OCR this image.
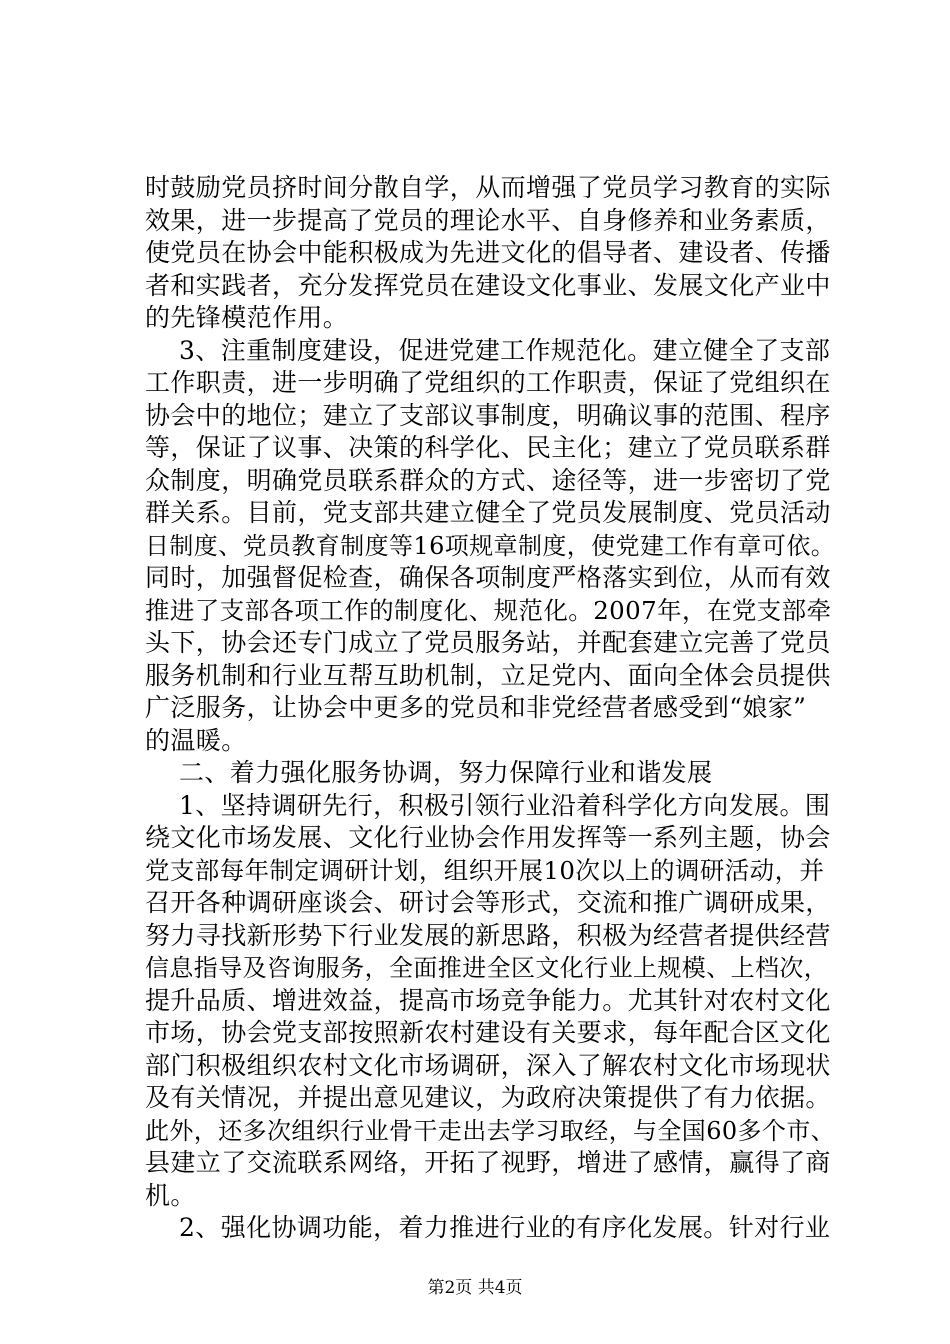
时鼓励党员挤时间分散自学，从而增强了党员学习教育的实际
效果，进一步提高了党员的理论水平、自身修养和业务素质，
使党员在协会中能积极成为先进文化的倡导者、建设者、传播
者和实践者，充分发挥党员在建设文化事业、发展文化产业中
的先锋模范作用。
3、注重制度建设，促进党建工作规范化。建立健全了支部
工作职责，进一步明确了党组织的工作职责，保证了党组织在
协会中的地位；建立了支部议事制度，明确议事的范围、程序
等，保证了议事、决策的科学化、民主化；建立了党员联系群
众制度，明确党员联系群众的方式、途径等，进一步密切了党
群关系。目前，党支部共建立健全了党员发展制度、党员活动
日制度、党员教育制度等16项规章制度，使党建工作有章可依。
同时，加强督促检查，确保各项制度严格落实到位，从而有效
推进了支部各项工作的制度化、规范化。2007年，在党支部牵
头下，协会还专门成立了党员服务站，并配套建立完善了党员
服务机制和行业互帮互助机制，立足党内、面向全体会员提供
广泛服务，让协会中更多的党员和非党经营者感受到“娘家”
的温暖。
二、着力强化服务协调，努力保障行业和谐发展
1、坚持调研先行，积极引领行业沿着科学化方向发展。围
绕文化市场发展、文化行业协会作用发挥等一系列主题，协会
党支部每年制定调研计划，组织开展10次以上的调研活动，并
召开各种调研座谈会、研讨会等形式，交流和推广调研成果，
努力寻找新形势下行业发展的新思路，积极为经营者提供经营
信息指导及咨询服务，全面推进全区文化行业上规模、上档次，
提升品质、增进效益，提高市场竞争能力。尤其针对农村文化
市场，协会党支部按照新农村建设有关要求，每年配合区文化
部门积极组织农村文化市场调研，深入了解农村文化市场现状
及有关情况，并提出意见建议，为政府决策提供了有力依据。
此外，还多次组织行业骨干走出去学习取经，与全国60多个市、
县建立了交流联系网络，开拓了视野，增进了感情，赢得了商
机。
2、强化协调功能，着力推进行业的有序化发展。针对行业
第2页 共4页
